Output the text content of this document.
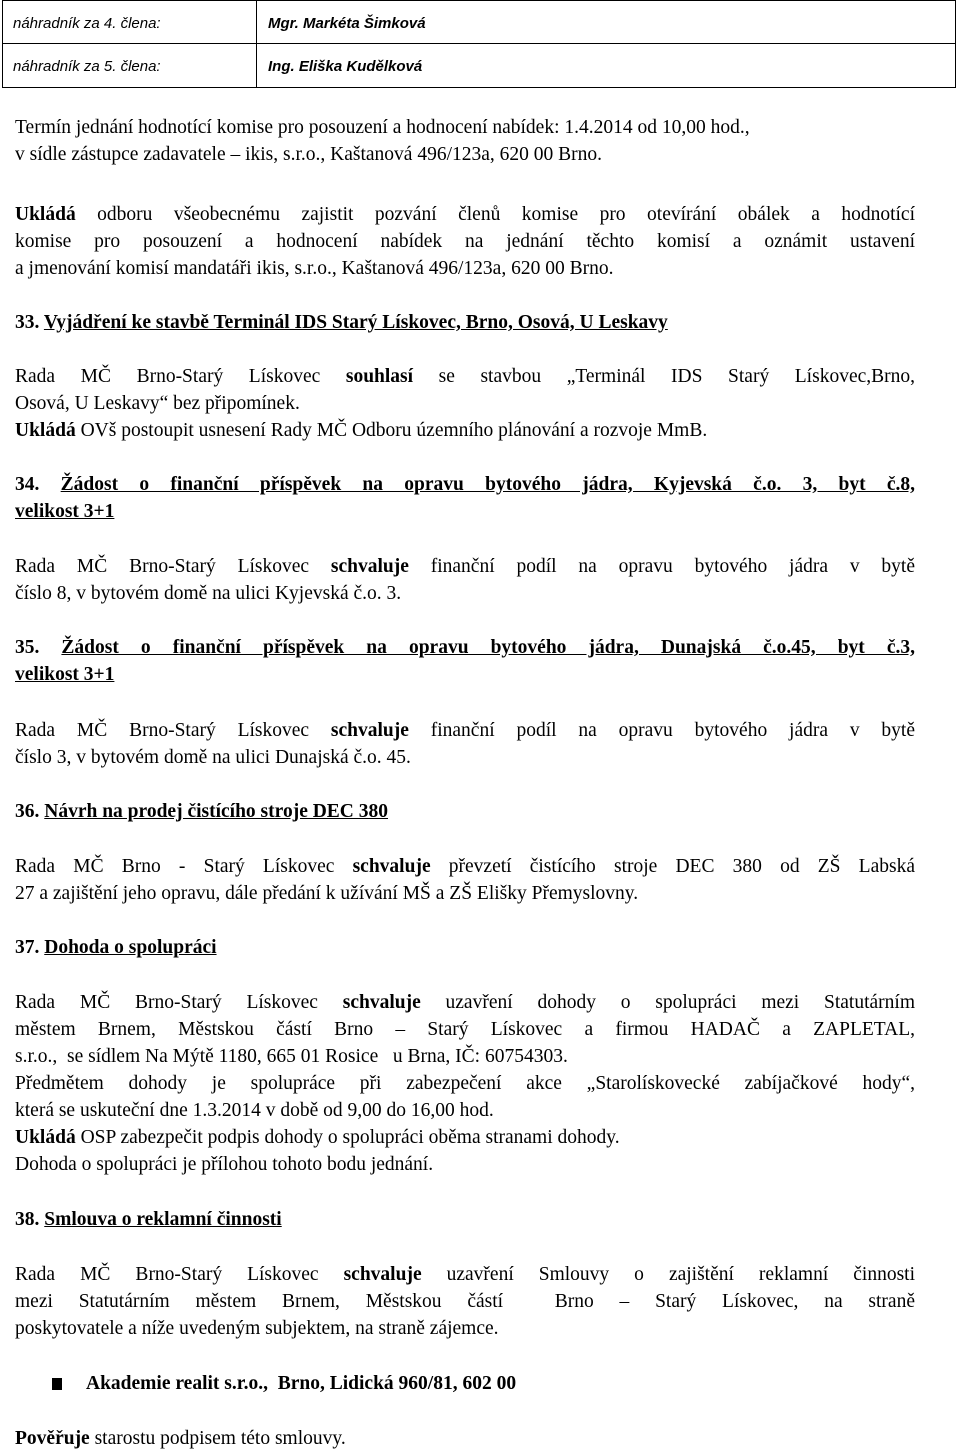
náhradník za 4. člena:	Mgr. Markéta Šimková
náhradník za 5. člena:	Ing. Eliška Kudělková
Termín jednání hodnotící komise pro posouzení a hodnocení nabídek: 1.4.2014 od 10,00 hod.,
v sídle zástupce zadavatele – ikis, s.r.o., Kaštanová 496/123a, 620 00 Brno.
Ukládá odboru všeobecnému zajistit pozvání členů komise pro otevírání obálek a hodnotící
komise pro posouzení a hodnocení nabídek na jednání těchto komisí a oznámit ustavení
a jmenování komisí mandatáři ikis, s.r.o., Kaštanová 496/123a, 620 00 Brno.
33. Vyjádření ke stavbě Terminál IDS Starý Lískovec, Brno, Osová, U Leskavy
Rada MČ Brno-Starý Lískovec souhlasí se stavbou „Terminál IDS Starý Lískovec,Brno,
Osová, U Leskavy“ bez připomínek.
Ukládá OVš postoupit usnesení Rady MČ Odboru územního plánování a rozvoje MmB.
34. Žádost o finanční příspěvek na opravu bytového jádra, Kyjevská č.o. 3, byt č.8,
velikost 3+1
Rada MČ Brno-Starý Lískovec schvaluje finanční podíl na opravu bytového jádra v bytě
číslo 8, v bytovém domě na ulici Kyjevská č.o. 3.
35. Žádost o finanční příspěvek na opravu bytového jádra, Dunajská č.o.45, byt č.3,
velikost 3+1
Rada MČ Brno-Starý Lískovec schvaluje finanční podíl na opravu bytového jádra v bytě
číslo 3, v bytovém domě na ulici Dunajská č.o. 45.
36. Návrh na prodej čistícího stroje DEC 380
Rada MČ Brno - Starý Lískovec schvaluje převzetí čistícího stroje DEC 380 od ZŠ Labská
27 a zajištění jeho opravu, dále předání k užívání MŠ a ZŠ Elišky Přemyslovny.
37. Dohoda o spolupráci
Rada MČ Brno-Starý Lískovec schvaluje uzavření dohody o spolupráci mezi Statutárním
městem Brnem, Městskou částí Brno – Starý Lískovec a firmou HADAČ a ZAPLETAL,
s.r.o.,  se sídlem Na Mýtě 1180, 665 01 Rosice   u Brna, IČ: 60754303.
Předmětem dohody je spolupráce při zabezpečení akce „Starolískovecké zabíjačkové hody“,
která se uskuteční dne 1.3.2014 v době od 9,00 do 16,00 hod.
Ukládá OSP zabezpečit podpis dohody o spolupráci oběma stranami dohody.
Dohoda o spolupráci je přílohou tohoto bodu jednání.
38. Smlouva o reklamní činnosti
Rada MČ Brno-Starý Lískovec schvaluje uzavření Smlouvy o zajištění reklamní činnosti
mezi Statutárním městem Brnem, Městskou částí  Brno – Starý Lískovec, na straně
poskytovatele a níže uvedeným subjektem, na straně zájemce.
Akademie realit s.r.o.,  Brno, Lidická 960/81, 602 00
Pověřuje starostu podpisem této smlouvy.
